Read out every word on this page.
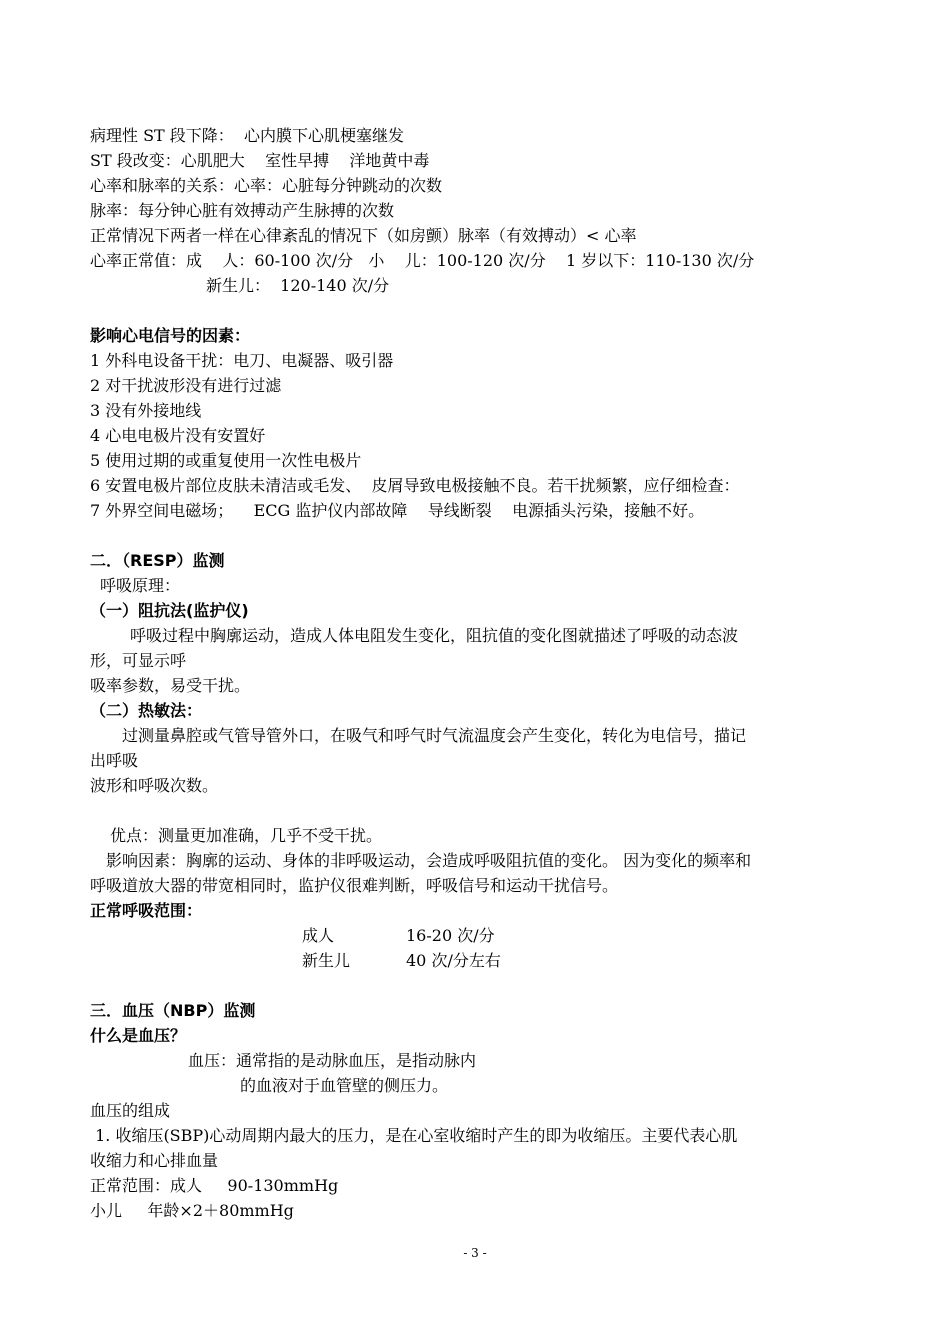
病理性 ST 段下降：  心内膜下心肌梗塞继发
ST 段改变：心肌肥大    室性早搏    洋地黄中毒
心率和脉率的关系：心率：心脏每分钟跳动的次数
脉率：每分钟心脏有效搏动产生脉搏的次数
正常情况下两者一样在心律紊乱的情况下（如房颤）脉率（有效搏动）< 心率
心率正常值：成    人：60-100 次/分   小    儿：100-120 次/分    1 岁以下：110-130 次/分
新生儿：  120-140 次/分
影响心电信号的因素：
1 外科电设备干扰：电刀、电凝器、吸引器
2 对干扰波形没有进行过滤
3 没有外接地线
4 心电电极片没有安置好
5 使用过期的或重复使用一次性电极片
6 安置电极片部位皮肤未清洁或毛发、  皮屑导致电极接触不良。若干扰频繁，应仔细检查：
7 外界空间电磁场；    ECG 监护仪内部故障    导线断裂    电源插头污染，接触不好。
二．（RESP）监测
呼吸原理：
（一）阻抗法(监护仪)
呼吸过程中胸廓运动，造成人体电阻发生变化，阻抗值的变化图就描述了呼吸的动态波
形，可显示呼
吸率参数，易受干扰。
（二）热敏法：
过测量鼻腔或气管导管外口，在吸气和呼气时气流温度会产生变化，转化为电信号，描记
出呼吸
波形和呼吸次数。
优点：测量更加准确，几乎不受干扰。
影响因素：胸廓的运动、身体的非呼吸运动，会造成呼吸阻抗值的变化。 因为变化的频率和
呼吸道放大器的带宽相同时，监护仪很难判断，呼吸信号和运动干扰信号。
正常呼吸范围：
成人	16-20 次/分
新生儿	40 次/分左右
三．血压（NBP）监测
什么是血压？
血压：通常指的是动脉血压，是指动脉内
的血液对于血管壁的侧压力。
血压的组成
1. 收缩压(SBP)心动周期内最大的压力，是在心室收缩时产生的即为收缩压。主要代表心肌
收缩力和心排血量
正常范围：成人     90-130mmHg
小儿     年龄×2＋80mmHg
- 3 -
